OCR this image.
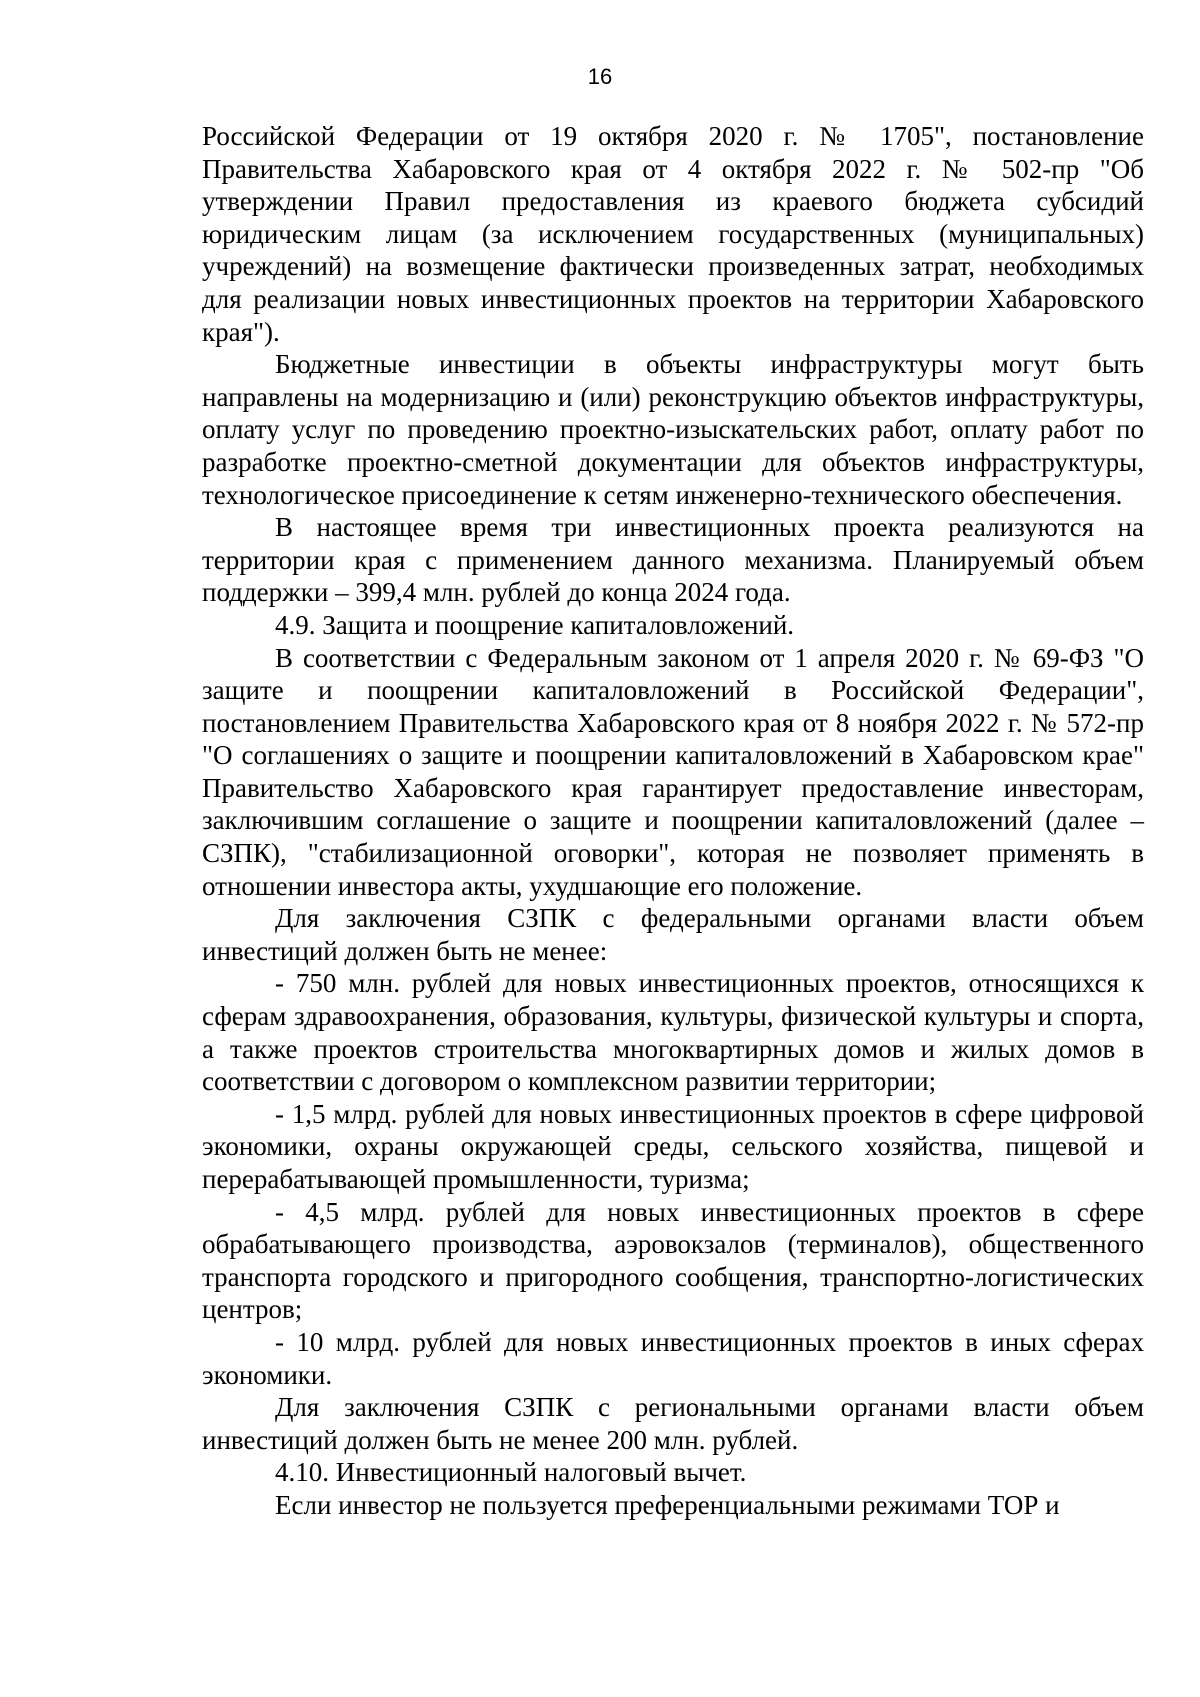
16

Российской Федерации от 19 октября 2020 г. № 1705", постановление Правительства Хабаровского края от 4 октября 2022 г. № 502-пр "Об утверждении Правил предоставления из краевого бюджета субсидий юридическим лицам (за исключением государственных (муниципальных) учреждений) на возмещение фактически произведенных затрат, необходимых для реализации новых инвестиционных проектов на территории Хабаровского края").

Бюджетные инвестиции в объекты инфраструктуры могут быть направлены на модернизацию и (или) реконструкцию объектов инфраструктуры, оплату услуг по проведению проектно-изыскательских работ, оплату работ по разработке проектно-сметной документации для объектов инфраструктуры, технологическое присоединение к сетям инженерно-технического обеспечения.

В настоящее время три инвестиционных проекта реализуются на территории края с применением данного механизма. Планируемый объем поддержки – 399,4 млн. рублей до конца 2024 года.

4.9. Защита и поощрение капиталовложений.

В соответствии с Федеральным законом от 1 апреля 2020 г. № 69-ФЗ "О защите и поощрении капиталовложений в Российской Федерации", постановлением Правительства Хабаровского края от 8 ноября 2022 г. № 572-пр "О соглашениях о защите и поощрении капиталовложений в Хабаровском крае" Правительство Хабаровского края гарантирует предоставление инвесторам, заключившим соглашение о защите и поощрении капиталовложений (далее – СЗПК), "стабилизационной оговорки", которая не позволяет применять в отношении инвестора акты, ухудшающие его положение.

Для заключения СЗПК с федеральными органами власти объем инвестиций должен быть не менее:

- 750 млн. рублей для новых инвестиционных проектов, относящихся к сферам здравоохранения, образования, культуры, физической культуры и спорта, а также проектов строительства многоквартирных домов и жилых домов в соответствии с договором о комплексном развитии территории;

- 1,5 млрд. рублей для новых инвестиционных проектов в сфере цифровой экономики, охраны окружающей среды, сельского хозяйства, пищевой и перерабатывающей промышленности, туризма;

- 4,5 млрд. рублей для новых инвестиционных проектов в сфере обрабатывающего производства, аэровокзалов (терминалов), общественного транспорта городского и пригородного сообщения, транспортно-логистических центров;

- 10 млрд. рублей для новых инвестиционных проектов в иных сферах экономики.

Для заключения СЗПК с региональными органами власти объем инвестиций должен быть не менее 200 млн. рублей.

4.10. Инвестиционный налоговый вычет.

Если инвестор не пользуется преференциальными режимами ТОР и
